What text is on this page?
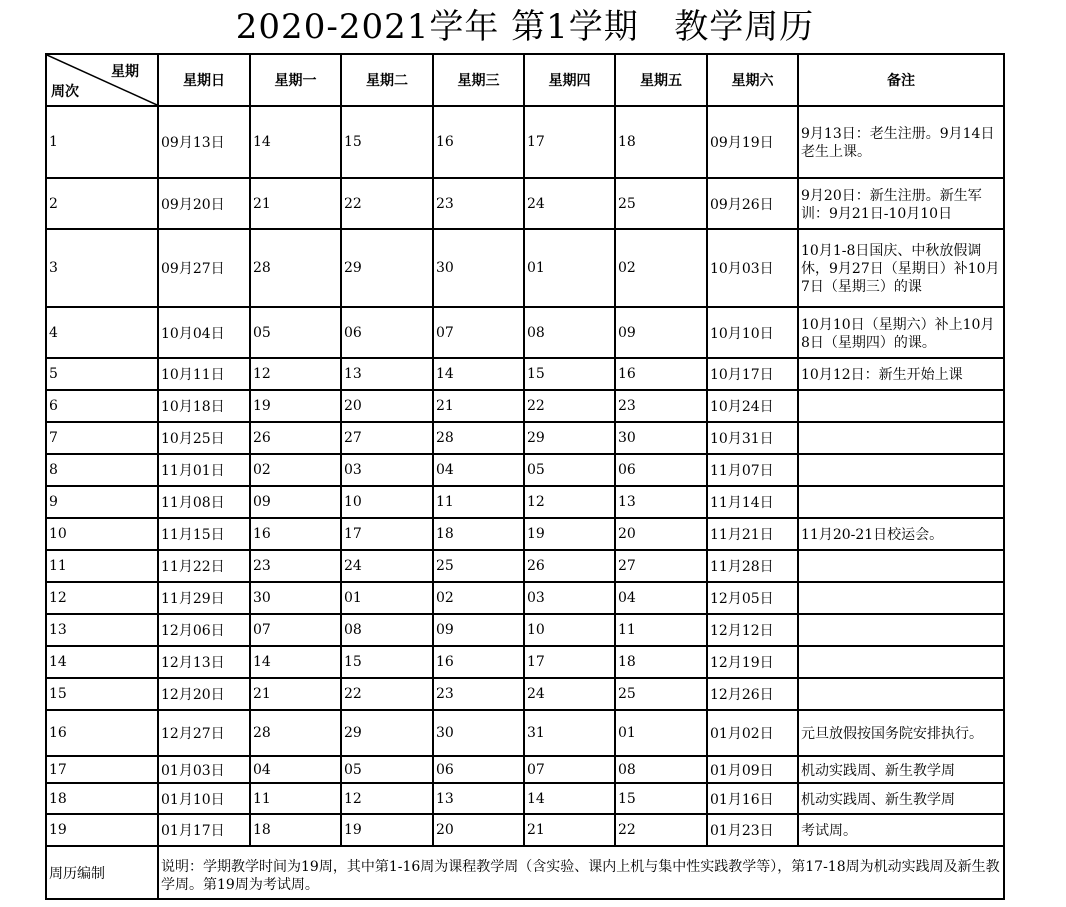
2020-2021学年 第1学期   教学周历
星期
周次	星期日	星期一	星期二	星期三	星期四	星期五	星期六	备注
1	09月13日	14	15	16	17	18	09月19日	9月13日：老生注册。9月14日老生上课。
2	09月20日	21	22	23	24	25	09月26日	9月20日：新生注册。新生军训：9月21日-10月10日
3	09月27日	28	29	30	01	02	10月03日	10月1-8日国庆、中秋放假调休，9月27日（星期日）补10月7日（星期三）的课
4	10月04日	05	06	07	08	09	10月10日	10月10日（星期六）补上10月8日（星期四）的课。
5	10月11日	12	13	14	15	16	10月17日	10月12日：新生开始上课
6	10月18日	19	20	21	22	23	10月24日	
7	10月25日	26	27	28	29	30	10月31日	
8	11月01日	02	03	04	05	06	11月07日	
9	11月08日	09	10	11	12	13	11月14日	
10	11月15日	16	17	18	19	20	11月21日	11月20-21日校运会。
11	11月22日	23	24	25	26	27	11月28日	
12	11月29日	30	01	02	03	04	12月05日	
13	12月06日	07	08	09	10	11	12月12日	
14	12月13日	14	15	16	17	18	12月19日	
15	12月20日	21	22	23	24	25	12月26日	
16	12月27日	28	29	30	31	01	01月02日	元旦放假按国务院安排执行。
17	01月03日	04	05	06	07	08	01月09日	机动实践周、新生教学周
18	01月10日	11	12	13	14	15	01月16日	机动实践周、新生教学周
19	01月17日	18	19	20	21	22	01月23日	考试周。
周历编制	说明：学期教学时间为19周，其中第1-16周为课程教学周（含实验、课内上机与集中性实践教学等），第17-18周为机动实践周及新生教学周。第19周为考试周。							
